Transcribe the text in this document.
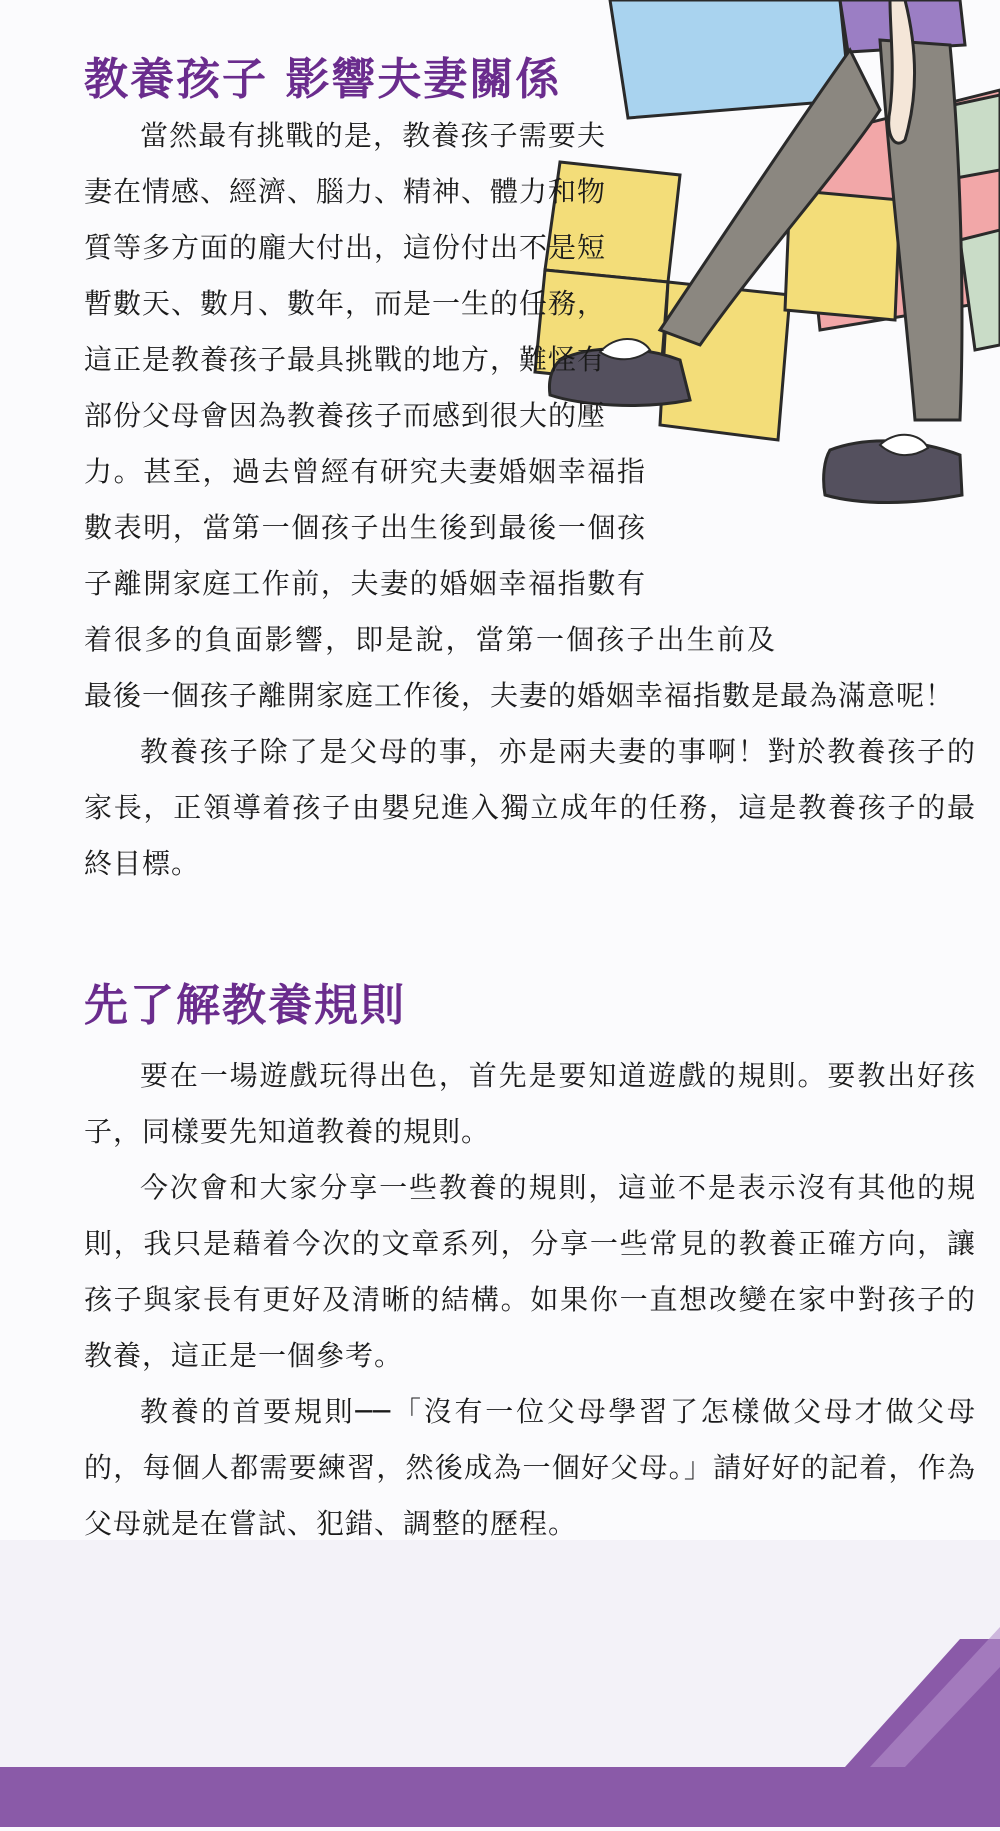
教養孩子 影響夫妻關係

當然最有挑戰的是，教養孩子需要夫妻在情感、經濟、腦力、精神、體力和物質等多方面的龐大付出，這份付出不是短暫數天、數月、數年，而是一生的任務，這正是教養孩子最具挑戰的地方，難怪有部份父母會因為教養孩子而感到很大的壓力。甚至，過去曾經有研究夫妻婚姻幸福指數表明，當第一個孩子出生後到最後一個孩子離開家庭工作前，夫妻的婚姻幸福指數有着很多的負面影響，即是說，當第一個孩子出生前及最後一個孩子離開家庭工作後，夫妻的婚姻幸福指數是最為滿意呢！

教養孩子除了是父母的事，亦是兩夫妻的事啊！對於教養孩子的家長，正領導着孩子由嬰兒進入獨立成年的任務，這是教養孩子的最終目標。

先了解教養規則

要在一場遊戲玩得出色，首先是要知道遊戲的規則。要教出好孩子，同樣要先知道教養的規則。

今次會和大家分享一些教養的規則，這並不是表示沒有其他的規則，我只是藉着今次的文章系列，分享一些常見的教養正確方向，讓孩子與家長有更好及清晰的結構。如果你一直想改變在家中對孩子的教養，這正是一個參考。

教養的首要規則──「沒有一位父母學習了怎樣做父母才做父母的，每個人都需要練習，然後成為一個好父母。」請好好的記着，作為父母就是在嘗試、犯錯、調整的歷程。
